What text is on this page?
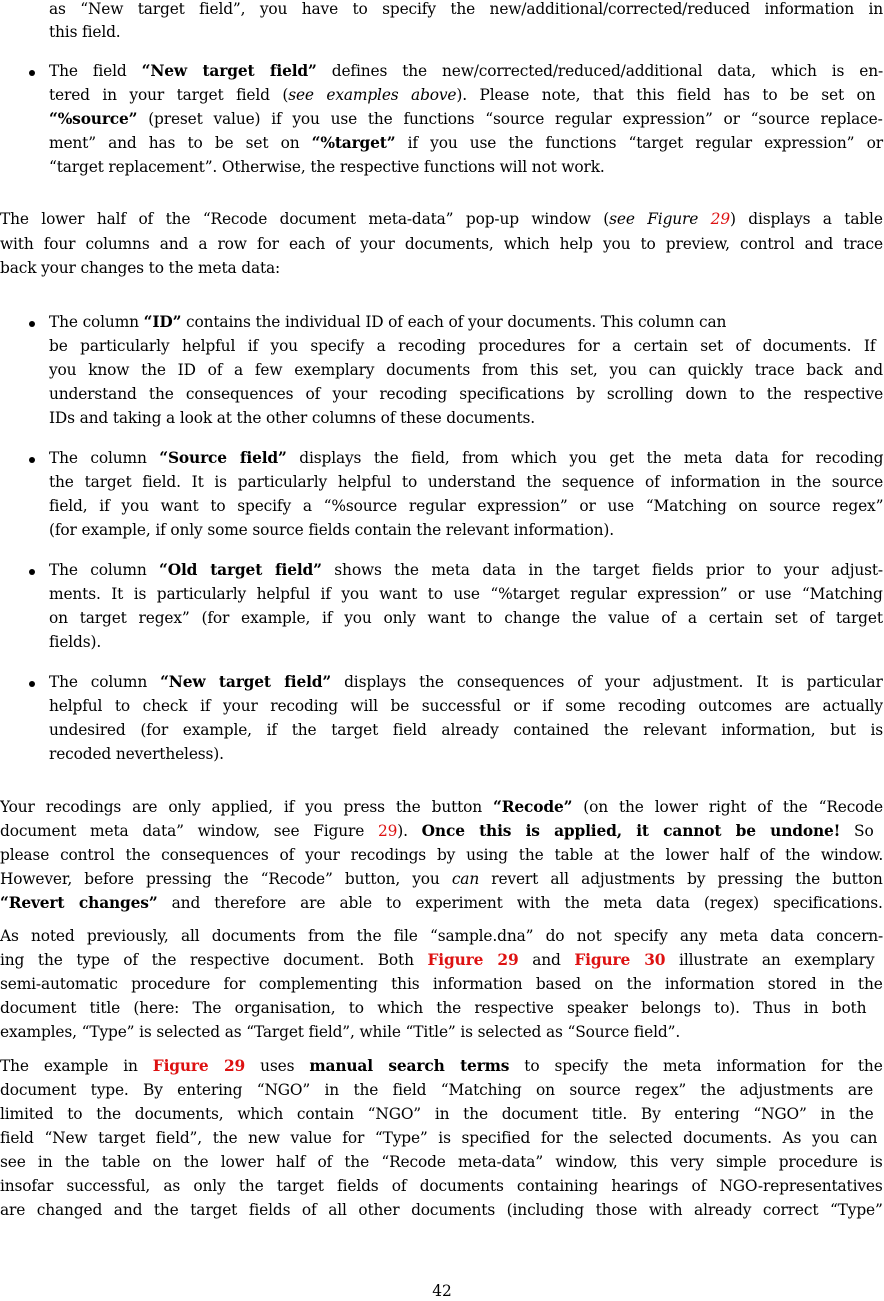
as “New target field”, you have to specify the new/additional/corrected/reduced information in
this field.
The field “New target field” defines the new/corrected/reduced/additional data, which is en-
tered in your target field (see examples above). Please note, that this field has to be set on
“%source” (preset value) if you use the functions “source regular expression” or “source replace-
ment” and has to be set on “%target” if you use the functions “target regular expression” or
“target replacement”. Otherwise, the respective functions will not work.
The lower half of the “Recode document meta-data” pop-up window (see Figure 29) displays a table
with four columns and a row for each of your documents, which help you to preview, control and trace
back your changes to the meta data:
The column “ID” contains the individual ID of each of your documents. This column can
be particularly helpful if you specify a recoding procedures for a certain set of documents. If
you know the ID of a few exemplary documents from this set, you can quickly trace back and
understand the consequences of your recoding specifications by scrolling down to the respective
IDs and taking a look at the other columns of these documents.
The column “Source field” displays the field, from which you get the meta data for recoding
the target field. It is particularly helpful to understand the sequence of information in the source
field, if you want to specify a “%source regular expression” or use “Matching on source regex”
(for example, if only some source fields contain the relevant information).
The column “Old target field” shows the meta data in the target fields prior to your adjust-
ments. It is particularly helpful if you want to use “%target regular expression” or use “Matching
on target regex” (for example, if you only want to change the value of a certain set of target
fields).
The column “New target field” displays the consequences of your adjustment. It is particular
helpful to check if your recoding will be successful or if some recoding outcomes are actually
undesired (for example, if the target field already contained the relevant information, but is
recoded nevertheless).
Your recodings are only applied, if you press the button “Recode” (on the lower right of the “Recode
document meta data” window, see Figure 29). Once this is applied, it cannot be undone! So
please control the consequences of your recodings by using the table at the lower half of the window.
However, before pressing the “Recode” button, you can revert all adjustments by pressing the button
“Revert changes” and therefore are able to experiment with the meta data (regex) specifications.
As noted previously, all documents from the file “sample.dna” do not specify any meta data concern-
ing the type of the respective document. Both Figure 29 and Figure 30 illustrate an exemplary
semi-automatic procedure for complementing this information based on the information stored in the
document title (here: The organisation, to which the respective speaker belongs to). Thus in both
examples, “Type” is selected as “Target field”, while “Title” is selected as “Source field”.
The example in Figure 29 uses manual search terms to specify the meta information for the
document type. By entering “NGO” in the field “Matching on source regex” the adjustments are
limited to the documents, which contain “NGO” in the document title. By entering “NGO” in the
field “New target field”, the new value for “Type” is specified for the selected documents. As you can
see in the table on the lower half of the “Recode meta-data” window, this very simple procedure is
insofar successful, as only the target fields of documents containing hearings of NGO-representatives
are changed and the target fields of all other documents (including those with already correct “Type”
42
